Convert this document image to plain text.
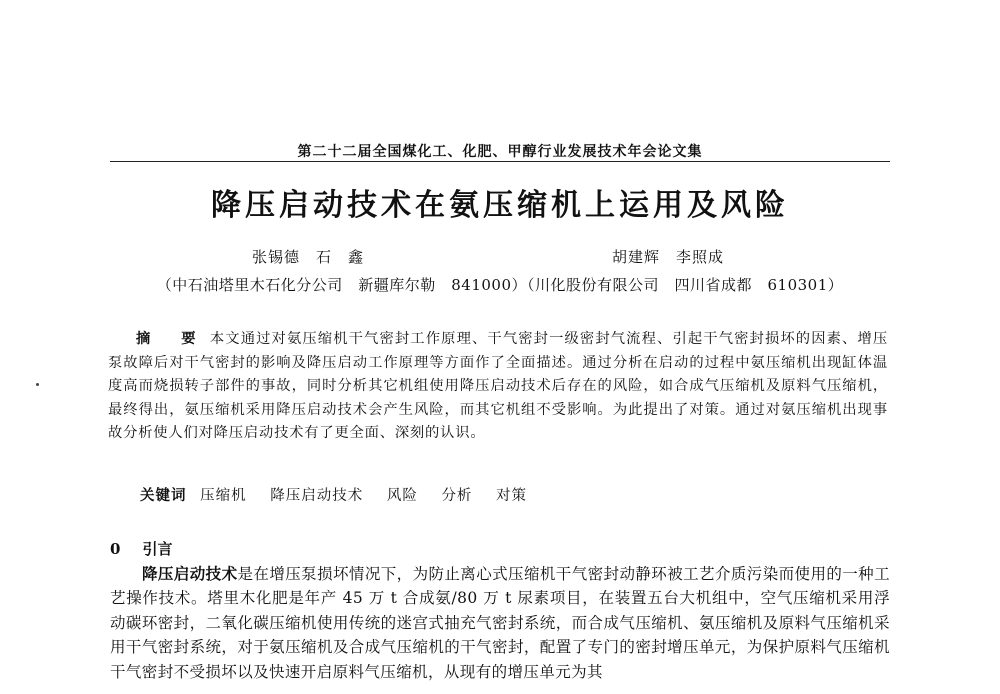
第二十二届全国煤化工、化肥、甲醇行业发展技术年会论文集
降压启动技术在氨压缩机上运用及风险
张锡德　石　鑫	胡建辉　李照成
（中石油塔里木石化分公司　新疆库尔勒　841000）（川化股份有限公司　四川省成都　610301）
摘　要 本文通过对氨压缩机干气密封工作原理、干气密封一级密封气流程、引起干气密封损坏的因素、增压泵故障后对干气密封的影响及降压启动工作原理等方面作了全面描述。通过分析在启动的过程中氨压缩机出现缸体温度高而烧损转子部件的事故，同时分析其它机组使用降压启动技术后存在的风险，如合成气压缩机及原料气压缩机，最终得出，氨压缩机采用降压启动技术会产生风险，而其它机组不受影响。为此提出了对策。通过对氨压缩机出现事故分析使人们对降压启动技术有了更全面、深刻的认识。
关键词 压缩机 降压启动技术 风险 分析 对策
0 引言
降压启动技术是在增压泵损坏情况下，为防止离心式压缩机干气密封动静环被工艺介质污染而使用的一种工艺操作技术。塔里木化肥是年产 45 万 t 合成氨/80 万 t 尿素项目，在装置五台大机组中，空气压缩机采用浮动碳环密封，二氧化碳压缩机使用传统的迷宫式抽充气密封系统，而合成气压缩机、氨压缩机及原料气压缩机采用干气密封系统，对于氨压缩机及合成气压缩机的干气密封，配置了专门的密封增压单元，为保护原料气压缩机干气密封不受损坏以及快速开启原料气压缩机，从现有的增压单元为其
